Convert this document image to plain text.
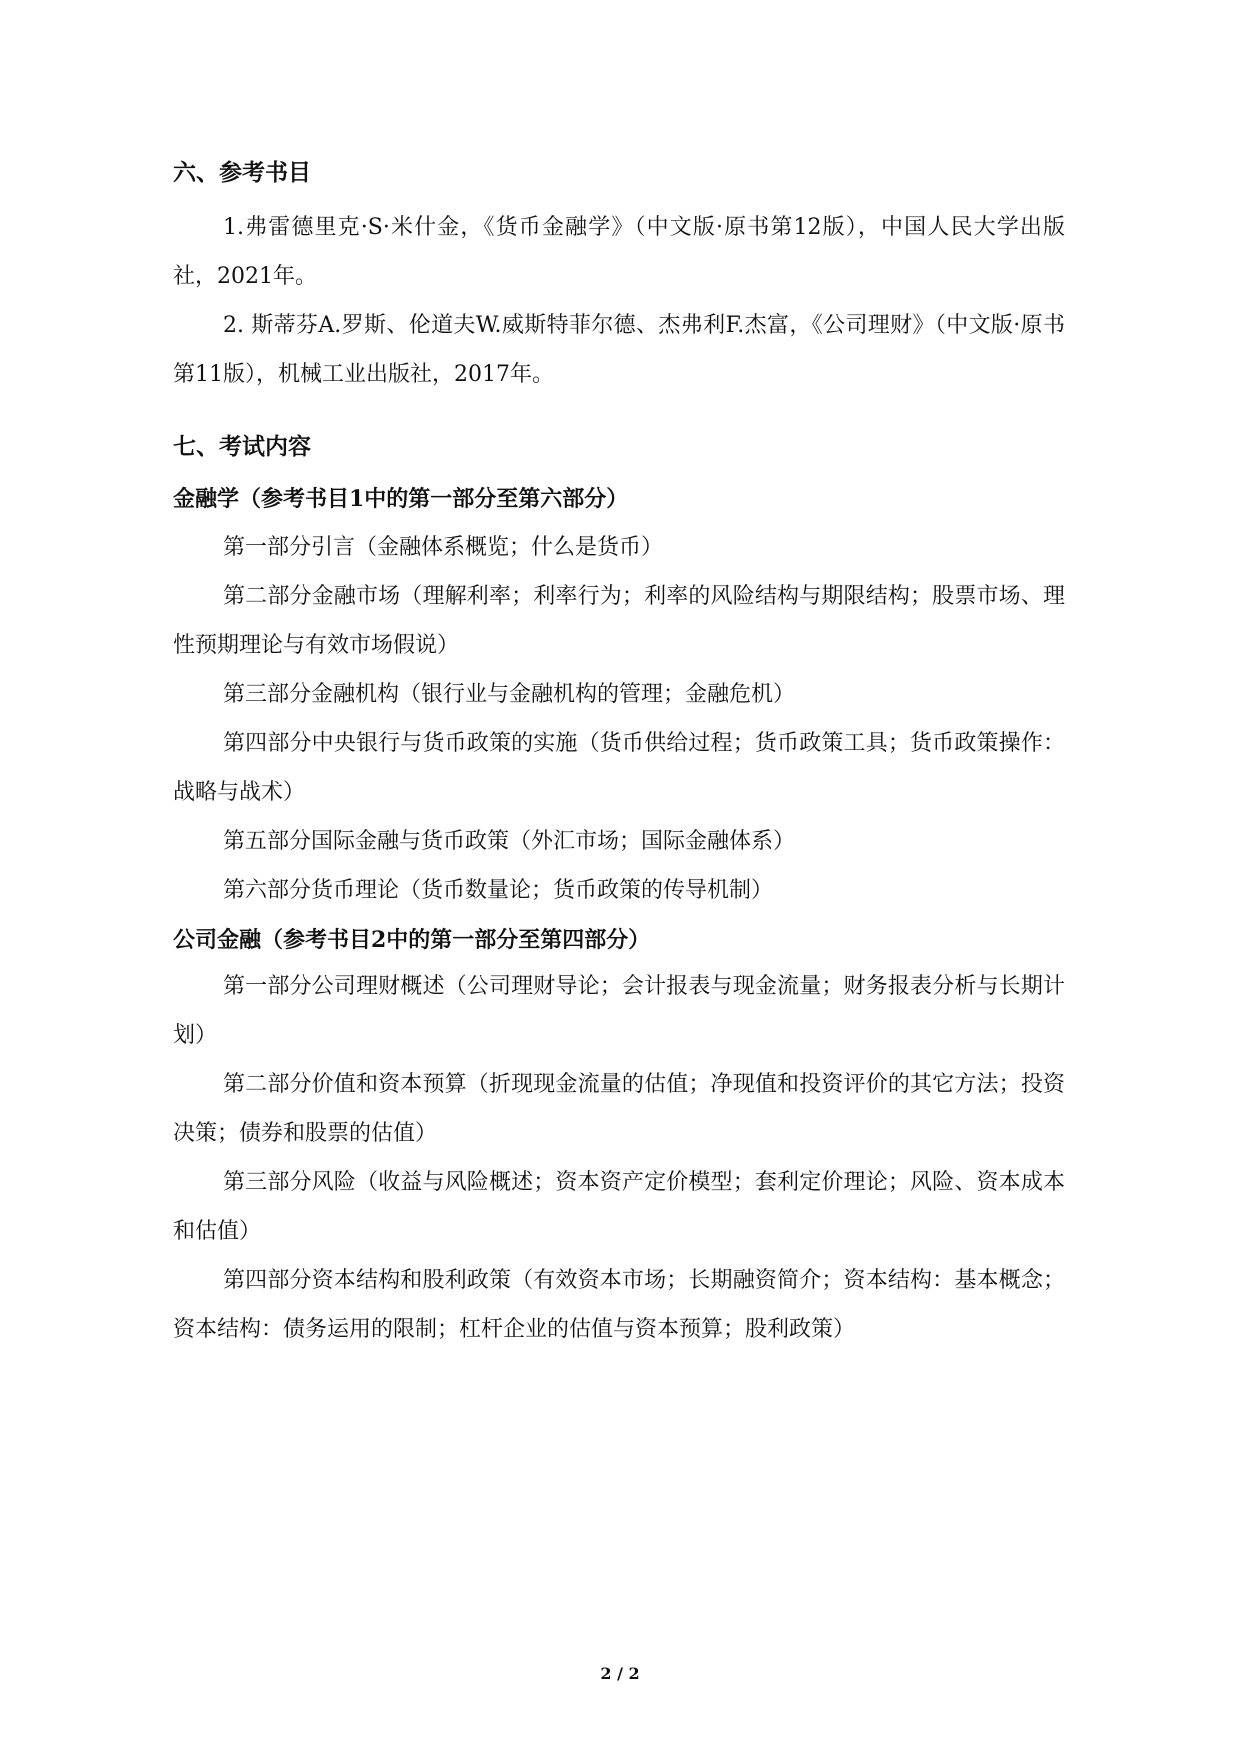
六、参考书目

1.弗雷德里克·S·米什金，《货币金融学》（中文版·原书第12版），中国人民大学出版社，2021年。

2. 斯蒂芬A.罗斯、伦道夫W.威斯特菲尔德、杰弗利F.杰富，《公司理财》（中文版·原书第11版），机械工业出版社，2017年。

七、考试内容
金融学（参考书目1中的第一部分至第六部分）

第一部分引言（金融体系概览；什么是货币）

第二部分金融市场（理解利率；利率行为；利率的风险结构与期限结构；股票市场、理性预期理论与有效市场假说）

第三部分金融机构（银行业与金融机构的管理；金融危机）

第四部分中央银行与货币政策的实施（货币供给过程；货币政策工具；货币政策操作：战略与战术）

第五部分国际金融与货币政策（外汇市场；国际金融体系）

第六部分货币理论（货币数量论；货币政策的传导机制）

公司金融（参考书目2中的第一部分至第四部分）

第一部分公司理财概述（公司理财导论；会计报表与现金流量；财务报表分析与长期计划）

第二部分价值和资本预算（折现现金流量的估值；净现值和投资评价的其它方法；投资决策；债券和股票的估值）

第三部分风险（收益与风险概述；资本资产定价模型；套利定价理论；风险、资本成本和估值）

第四部分资本结构和股利政策（有效资本市场；长期融资简介；资本结构：基本概念；资本结构：债务运用的限制；杠杆企业的估值与资本预算；股利政策）

2 / 2
